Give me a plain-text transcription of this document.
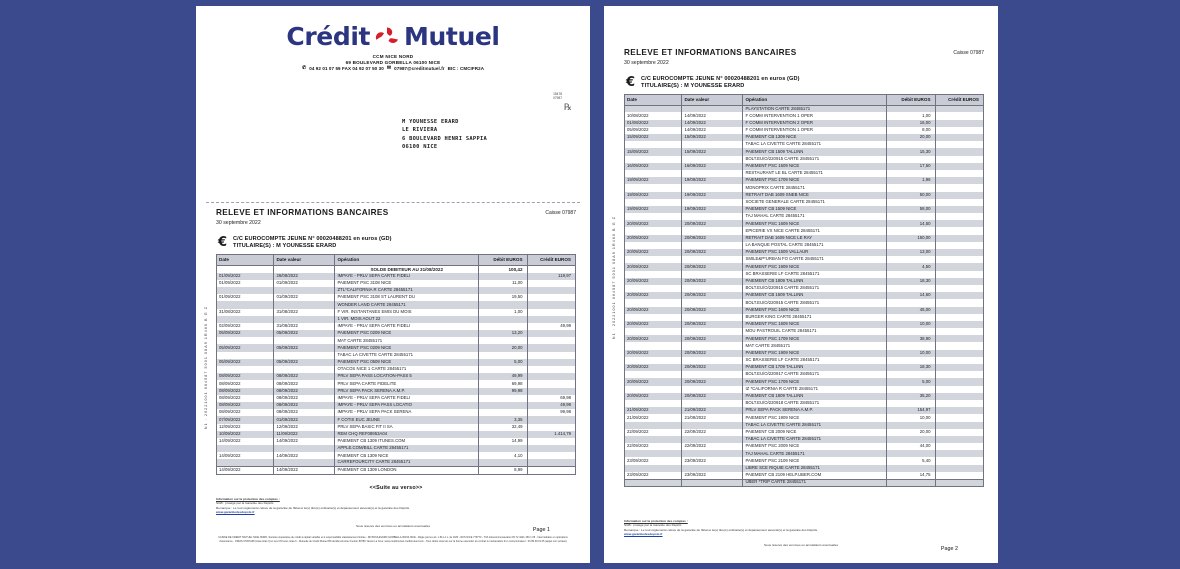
Crédit Mutuel
CCM NICE NORD
69 BOULEVARD GORBELLA 06100 NICE
✆ 04 92 01 07 59 FAX 04 92 07 50 30 ✉ 07987@creditmutuel.fr BIC : CMCIFR2A
15478
07987
℞
M YOUNESSE ERARD
LE RIVIERA
6 BOULEVARD HENRI SAPPIA
06100 NICE
N1 : 20221001 064587 5001 08A9 1R460 B G Z
RELEVE ET INFORMATIONS BANCAIRES
30 septembre 2022
Caisse 07987
€ C/C EUROCOMPTE JEUNE N° 00020488201 en euros (GD)
TITULAIRE(S) : M YOUNESSE ERARD
Date	Date valeur	Opération	Débit EUROS	Crédit EUROS
		SOLDE DEBITEUR AU 31/08/2022	100,42	
01/09/2022	26/08/2022	IMPAYE - PRLV SEPA CARTE FIDELI		119,97
01/09/2022	01/09/2022	PAIEMENT PSC 3108 NICE	11,00	
		ZTL*CALIFORNIA R CARTE 28455171		
01/09/2022	01/09/2022	PAIEMENT PSC 3108 ST LAURENT DU	19,50	
		WONDER LAND CARTE 28455171		
31/08/2022	31/08/2022	F VIR. INSTANTANES EMIS DU MOIS	1,00	
		1 VIR. MOIS AOUT 22		
02/09/2022	31/08/2022	IMPAYE - PRLV SEPA CARTE FIDELI		49,99
05/09/2022	05/09/2022	PAIEMENT PSC 0209 NICE	13,20	
		MAT CARTE 28455171		
05/09/2022	05/09/2022	PAIEMENT PSC 0209 NICE	20,00	
		TABAC LA CIVETTE CARTE 28455171		
05/09/2022	05/09/2022	PAIEMENT PSC 0509 NICE	5,00	
		OTACOS NICE 1 CARTE 28455171		
08/09/2022	08/09/2022	PRLV SEPA PASS LOCATION-PASS 5	49,99	
08/09/2022	08/09/2022	PRLV SEPA CARTE FIDELITE	69,98	
08/09/2022	08/09/2022	PRLV SEPA PACK SERENA A.M.P.	99,98	
08/09/2022	08/09/2022	IMPAYE - PRLV SEPA CARTE FIDELI		69,98
08/09/2022	08/09/2022	IMPAYE - PRLV SEPA PASS LOCATIO		49,99
08/09/2022	08/09/2022	IMPAYE - PRLV SEPA PACK SERENA		99,98
07/09/2022	01/09/2022	F COTIS EUC JEUNE	3,35	
12/09/2022	12/09/2022	PRLV SEPA BASIC FIT II SA	32,49	
10/09/2022	11/09/2022	REM CHQ REF08953A04		1.414,79
14/09/2022	14/09/2022	PAIEMENT CB 1309 ITUNES.COM	14,99	
		APPLE.COM/BILL CARTE 28455171		
14/09/2022	14/09/2022	PAIEMENT CB 1309 NICE	4,10	
		CARREFOURCITY CARTE 28455171		
14/09/2022	14/09/2022	PAIEMENT CB 1309 LONDON	8,99	

<<Suite au verso>>
Information sur la protection des comptes :
SGB : protégé par la Garantie des Dépôts
Remarque : Le tout réglementé relève de la garantie de l'Etat et le(s) titre(s) ordinaire(s) et dépassement associé(s) et la garantie des Dépôts
www.garantiedesdepots.fr
Sous réserve des sommes ou annulations éventuelles
Page 1
CAISSE DE CREDIT MUTUEL NICE NORD, Société coopérative de crédit à capital variable et à responsabilité statutairement limitée - RN BOULEVARD GORBELLA 06100 NICE - Régie par les art. L.511-1 s. du CMF - RCS NICE 779770 - TVA intracommunautaire FR 72 4421 150 1 05 - Intermédiaire en opérations d'assurance - ORIAS 07003138 (www.orias.fr) et ses CM sous orias.fr - Mutuelle du Crédit Mutuel 65 identité Amortex Fenton 89780 Yassin La Cour, www.creditmutuel.creditmutuel.com - Tous droits réservés sur la bonne exécution du contrat ou réclamation d'un consommateur : 03 89 39 01 05 (appel non surtaxé)
N1 : 20221001 064587 5001 08A9 1R460 B G Z
RELEVE ET INFORMATIONS BANCAIRES
30 septembre 2022
Caisse 07987
€ C/C EUROCOMPTE JEUNE N° 00020488201 en euros (GD)
TITULAIRE(S) : M YOUNESSE ERARD
Date	Date valeur	Opération	Débit EUROS	Crédit EUROS
		PLAYSTATION CARTE 28455171		
10/08/2022	14/09/2022	F COMM INTERVENTION 1 OPER	1,00	
01/08/2022	14/09/2022	F COMM INTERVENTION 2 OPER	16,00	
05/09/2022	14/09/2022	F COMM INTERVENTION 1 OPER	8,00	
15/09/2022	15/09/2022	PAIEMENT CB 1309 NICE	20,00	
		TABAC LA CIVETTE CARTE 28455171		
15/09/2022	15/09/2022	PAIEMENT CB 1509 TALLINN	15,30	
		BOLT.EU/O/220915 CARTE 28455171		
16/09/2022	16/09/2022	PAIEMENT PSC 1509 NICE	17,50	
		RESTAURANT LE BL CARTE 28455171		
19/09/2022	19/09/2022	PAIEMENT PSC 1709 NICE	1,96	
		MONOPRIX CARTE 28455171		
19/09/2022	19/09/2022	RETRAIT DAB 1609 SNEB NICE	50,00	
		SOCIETE GENERALE CARTE 28455171		
19/09/2022	19/09/2022	PAIEMENT CB 1509 NICE	58,00	
		TAJ MAHAL CARTE 28455171		
20/09/2022	20/09/2022	PAIEMENT PSC 1609 NICE	14,50	
		EPICERIE VX NICE CARTE 28455171		
20/09/2022	20/09/2022	RETRAIT DAB 1609 NICE LE RAY	150,00	
		LA BANQUE POSTAL CARTE 28455171		
20/09/2022	20/09/2022	PAIEMENT PSC 1509 VALLAUR	13,00	
		SMILE&P*URBAN FO CARTE 28455171		
20/09/2022	20/09/2022	PAIEMENT PSC 1909 NICE	4,50	
		SC BRASSERIE LF CARTE 28455171		
20/09/2022	20/09/2022	PAIEMENT CB 1809 TALLINN	18,30	
		BOLT.EU/O/220915 CARTE 28455171		
20/09/2022	20/09/2022	PAIEMENT CB 1609 TALLINN	14,60	
		BOLT.EU/O/220915 CARTE 28455171		
20/09/2022	20/09/2022	PAIEMENT PSC 1609 NICE	45,00	
		BURGER KING CARTE 28455171		
20/09/2022	20/09/2022	PAIEMENT PSC 1609 NICE	10,00	
		MOU PASTROUIL CARTE 28455171		
20/09/2022	20/09/2022	PAIEMENT PSC 1709 NICE	38,90	
		MAT CARTE 28455171		
20/09/2022	20/09/2022	PAIEMENT PSC 1909 NICE	10,00	
		SC BRASSERIE LF CARTE 28455171		
20/09/2022	20/09/2022	PAIEMENT CB 1709 TALLINN	18,30	
		BOLT.EU/O/220917 CARTE 28455171		
20/09/2022	20/09/2022	PAIEMENT PSC 1709 NICE	5,00	
		IZ *CALIFORNIA R CARTE 28455171		
20/09/2022	20/09/2022	PAIEMENT CB 1809 TALLINN	35,20	
		BOLT.EU/O/220918 CARTE 28455171		
21/09/2022	21/09/2022	PRLV SEPA PACK SERENA A.M.P.	154,97	
21/09/2022	21/09/2022	PAIEMENT PSC 1909 NICE	10,00	
		TABAC LA CIVETTE CARTE 28455171		
22/09/2022	22/09/2022	PAIEMENT CB 2009 NICE	20,00	
		TABAC LA CIVETTE CARTE 28455171		
22/09/2022	22/09/2022	PAIEMENT PSC 2009 NICE	44,00	
		TAJ MAHAL CARTE 28455171		
23/09/2022	23/09/2022	PAIEMENT PSC 2109 NICE	5,40	
		LIBRE SCE RIQUIE CARTE 28455171		
23/09/2022	23/09/2022	PAIEMENT CB 2109 HELP.UBER.COM	14,75	
		UBER *TRIP CARTE 28455171		

Information sur la protection des comptes :
SGB : protégé par la Garantie des Dépôts
Remarque : Le tout réglementé relève de la garantie de l'Etat et le(s) titre(s) ordinaire(s) et dépassement associé(s) et la garantie des Dépôts
www.garantiedesdepots.fr
Sous réserve des sommes ou annulations éventuelles
Page 2
